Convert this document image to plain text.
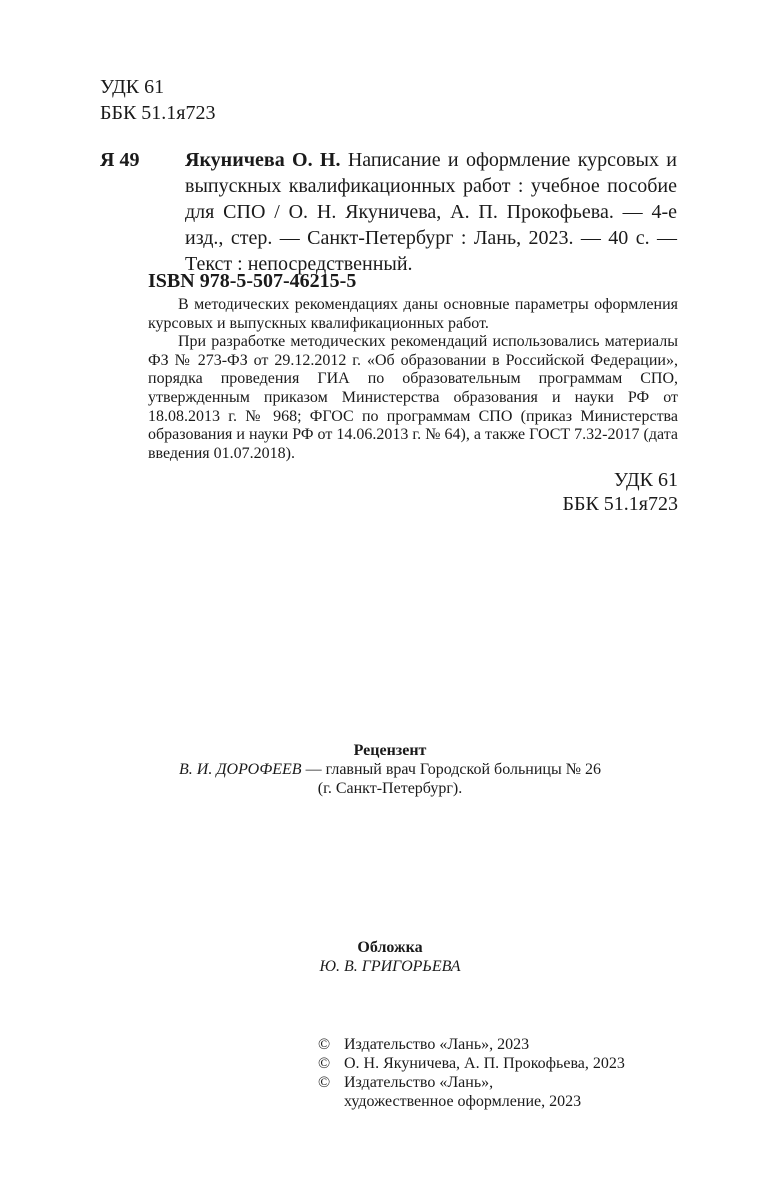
УДК 61
ББК 51.1я723
Я 49 Якуничева О. Н. Написание и оформление курсовых и выпускных квалификационных работ : учебное пособие для СПО / О. Н. Якуничева, А. П. Прокофьева. — 4-е изд., стер. — Санкт-Петербург : Лань, 2023. — 40 с. — Текст : непосредственный.
ISBN 978-5-507-46215-5

В методических рекомендациях даны основные параметры оформления курсовых и выпускных квалификационных работ.

При разработке методических рекомендаций использовались материалы ФЗ № 273-ФЗ от 29.12.2012 г. «Об образовании в Российской Федерации», порядка проведения ГИА по образовательным программам СПО, утвержденным приказом Министерства образования и науки РФ от 18.08.2013 г. № 968; ФГОС по программам СПО (приказ Министерства образования и науки РФ от 14.06.2013 г. № 64), а также ГОСТ 7.32-2017 (дата введения 01.07.2018).

УДК 61
ББК 51.1я723
Рецензент
В. И. ДОРОФЕЕВ — главный врач Городской больницы № 26
(г. Санкт-Петербург).
Обложка
Ю. В. ГРИГОРЬЕВА
© Издательство «Лань», 2023
© О. Н. Якуничева, А. П. Прокофьева, 2023
© Издательство «Лань»,
художественное оформление, 2023
